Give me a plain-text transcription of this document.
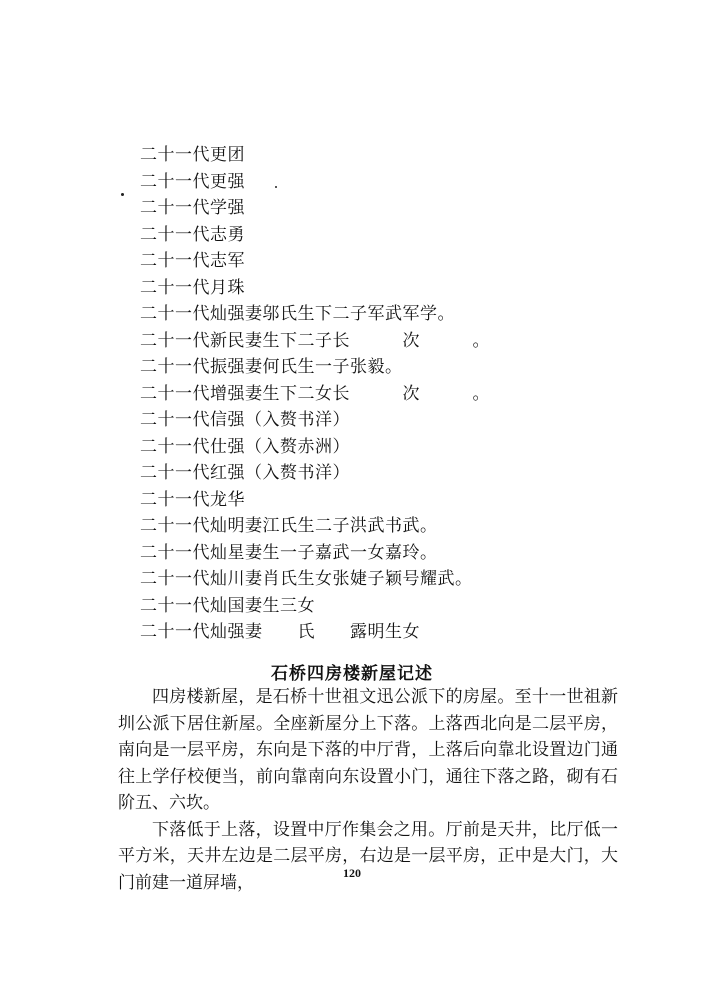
二十一代更团
二十一代更强
二十一代学强
二十一代志勇
二十一代志军
二十一代月珠
二十一代灿强妻邬氏生下二子军武军学。
二十一代新民妻生下二子长　　　次　　　。
二十一代振强妻何氏生一子张毅。
二十一代增强妻生下二女长　　　次　　　。
二十一代信强（入赘书洋）
二十一代仕强（入赘赤洲）
二十一代红强（入赘书洋）
二十一代龙华
二十一代灿明妻江氏生二子洪武书武。
二十一代灿星妻生一子嘉武一女嘉玲。
二十一代灿川妻肖氏生女张婕子颖号耀武。
二十一代灿国妻生三女
二十一代灿强妻　　氏　　露明生女
石桥四房楼新屋记述

四房楼新屋，是石桥十世祖文迅公派下的房屋。至十一世祖新圳公派下居住新屋。全座新屋分上下落。上落西北向是二层平房，南向是一层平房，东向是下落的中厅背，上落后向靠北设置边门通往上学仔校便当，前向靠南向东设置小门，通往下落之路，砌有石阶五、六坎。

下落低于上落，设置中厅作集会之用。厅前是天井，比厅低一平方米，天井左边是二层平房，右边是一层平房，正中是大门，大门前建一道屏墙，	120
